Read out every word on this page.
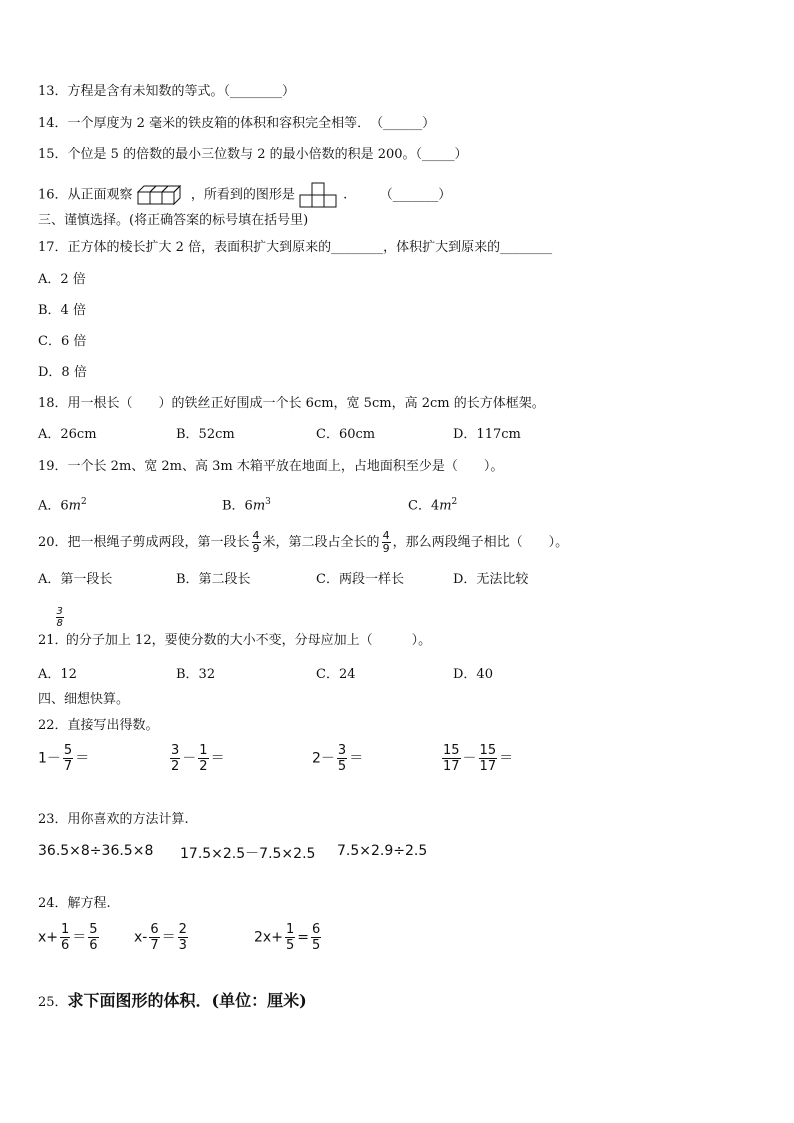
13．方程是含有未知数的等式。（________）
14．一个厚度为 2 毫米的铁皮箱的体积和容积完全相等．　（______）
15．个位是 5 的倍数的最小三位数与 2 的最小倍数的积是 200。（_____）
16．从正面观察	，所看到的图形是	.　　　（_______）
三、谨慎选择。(将正确答案的标号填在括号里)
17．正方体的棱长扩大 2 倍，表面积扩大到原来的________，体积扩大到原来的________
A．2 倍
B．4 倍
C．6 倍
D．8 倍
18．用一根长（　　）的铁丝正好围成一个长 6cm，宽 5cm，高 2cm 的长方体框架。
A．26cm	B．52cm	C．60cm	D．117cm
19．一个长 2m、宽 2m、高 3m 木箱平放在地面上，占地面积至少是（　　）。
A．$6m^2$	B．$6m^3$	C．$4m^2$
20．把一根绳子剪成两段，第一段长 $\frac{4}{9}$ 米，第二段占全长的 $\frac{4}{9}$ ，那么两段绳子相比（　　）。
A．第一段长	B．第二段长	C．两段一样长	D．无法比较
21．
$\frac{3}{8}$
的分子加上 12，要使分数的大小不变，分母应加上（　　　）。
A．12	B．32	C．24	D．40
四、细想快算。
22．直接写出得数。
$1- \frac{5}{7}$ ＝	$\frac{3}{2} - \frac{1}{2}$ ＝	$2- \frac{3}{5}$ ＝	$\frac{15}{17} - \frac{15}{17}$ ＝
23．用你喜欢的方法计算.
36.5×8÷36.5×8 17.5×2.5－7.5×2.5 7.5×2.9÷2.5
24．解方程.
$x+ \frac{1}{6} = \frac{5}{6}$	$x- \frac{6}{7} = \frac{2}{3}$	$2x+ \frac{1}{5} = \frac{6}{5}$
25．求下面图形的体积．(单位：厘米)
